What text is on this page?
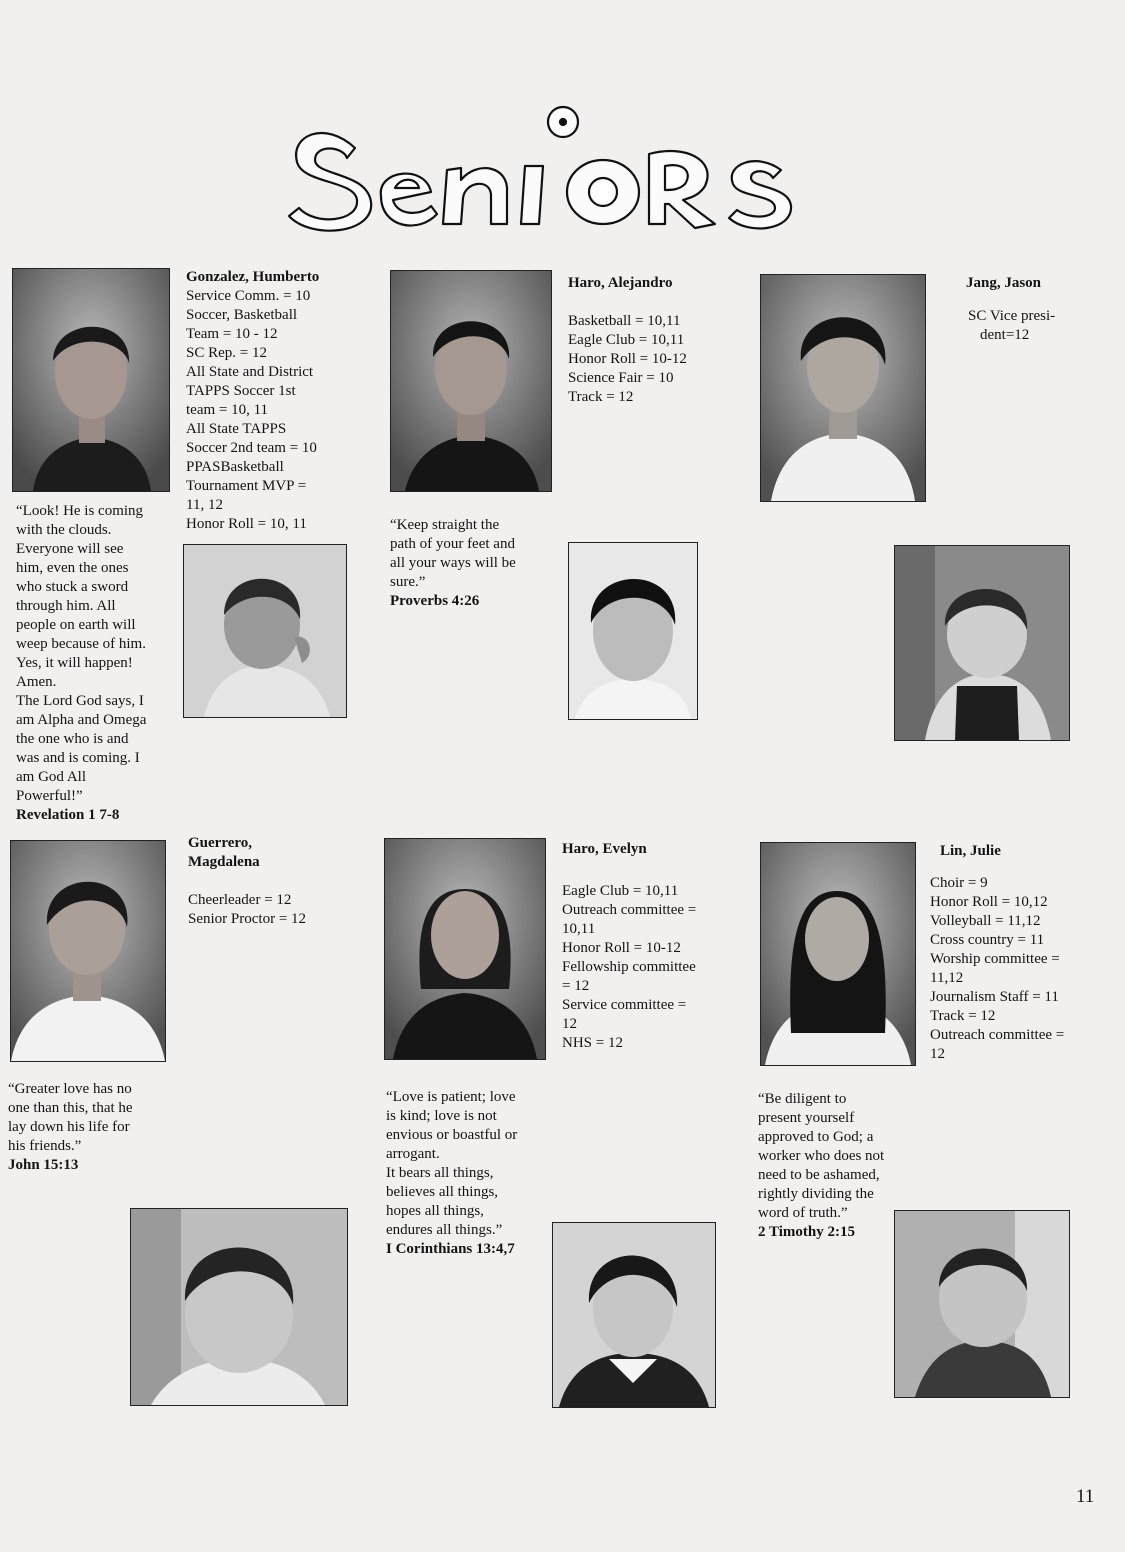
Gonzalez, Humberto
Service Comm. = 10
Soccer, Basketball
Team = 10 - 12
SC Rep. = 12
All State and District
TAPPS Soccer 1st
team = 10, 11
All State TAPPS
Soccer 2nd team = 10
PPASBasketball
Tournament MVP =
11, 12
Honor Roll = 10, 11
“Look! He is coming
with the clouds.
Everyone will see
him, even the ones
who stuck a sword
through him. All
people on earth will
weep because of him.
Yes, it will happen!
Amen.
The Lord God says, I
am Alpha and Omega
the one who is and
was and is coming. I
am God All
Powerful!”
Revelation 1 7-8
Haro, Alejandro
Basketball = 10,11
Eagle Club = 10,11
Honor Roll = 10-12
Science Fair = 10
Track = 12
“Keep straight the
path of your feet and
all your ways will be
sure.”
Proverbs 4:26
Jang, Jason
SC Vice presi-
dent=12
Guerrero,
Magdalena
Cheerleader = 12
Senior Proctor = 12
“Greater love has no
one than this, that he
lay down his life for
his friends.”
John 15:13
Haro, Evelyn
Eagle Club = 10,11
Outreach committee =
10,11
Honor Roll = 10-12
Fellowship committee
= 12
Service committee =
12
NHS = 12
“Love is patient; love
is kind; love is not
envious or boastful or
arrogant.
It bears all things,
believes all things,
hopes all things,
endures all things.”
I Corinthians 13:4,7
Lin, Julie
Choir = 9
Honor Roll = 10,12
Volleyball = 11,12
Cross country = 11
Worship committee =
11,12
Journalism Staff = 11
Track = 12
Outreach committee =
12
“Be diligent to
present yourself
approved to God; a
worker who does not
need to be ashamed,
rightly dividing the
word of truth.”
2 Timothy 2:15
11
